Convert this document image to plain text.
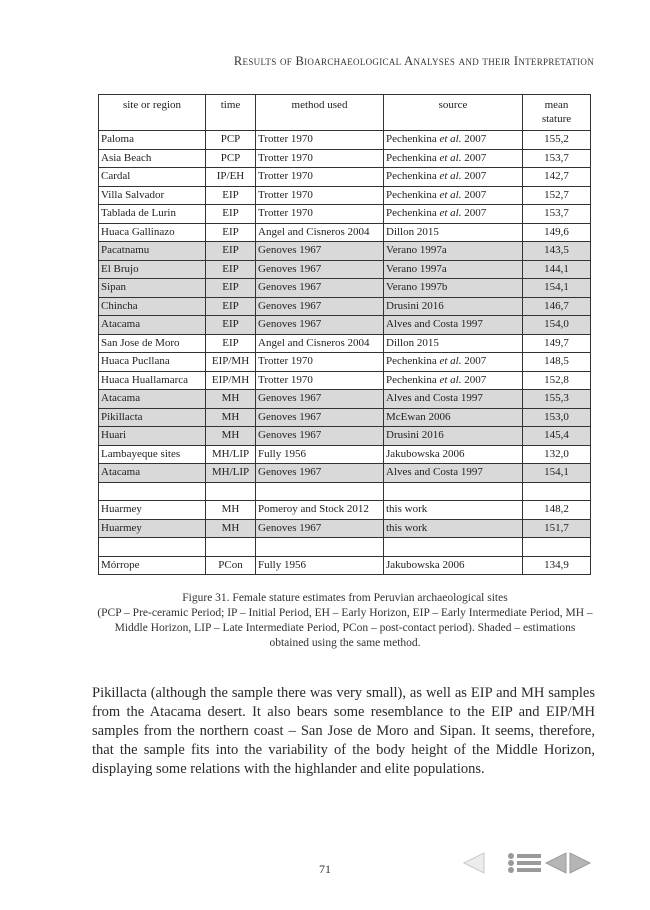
Results of Bioarchaeological Analyses and their Interpretation
site or region	time	method used	source	mean stature
Paloma	PCP	Trotter 1970	Pechenkina et al. 2007	155,2
Asia Beach	PCP	Trotter 1970	Pechenkina et al. 2007	153,7
Cardal	IP/EH	Trotter 1970	Pechenkina et al. 2007	142,7
Villa Salvador	EIP	Trotter 1970	Pechenkina et al. 2007	152,7
Tablada de Lurin	EIP	Trotter 1970	Pechenkina et al. 2007	153,7
Huaca Gallinazo	EIP	Angel and Cisneros 2004	Dillon 2015	149,6
Pacatnamu	EIP	Genoves 1967	Verano 1997a	143,5
El Brujo	EIP	Genoves 1967	Verano 1997a	144,1
Sipan	EIP	Genoves 1967	Verano 1997b	154,1
Chincha	EIP	Genoves 1967	Drusini 2016	146,7
Atacama	EIP	Genoves 1967	Alves and Costa 1997	154,0
San Jose de Moro	EIP	Angel and Cisneros 2004	Dillon 2015	149,7
Huaca Pucllana	EIP/MH	Trotter 1970	Pechenkina et al. 2007	148,5
Huaca Huallamarca	EIP/MH	Trotter 1970	Pechenkina et al. 2007	152,8
Atacama	MH	Genoves 1967	Alves and Costa 1997	155,3
Pikillacta	MH	Genoves 1967	McEwan 2006	153,0
Huari	MH	Genoves 1967	Drusini 2016	145,4
Lambayeque sites	MH/LIP	Fully 1956	Jakubowska 2006	132,0
Atacama	MH/LIP	Genoves 1967	Alves and Costa 1997	154,1

Huarmey	MH	Pomeroy and Stock 2012	this work	148,2
Huarmey	MH	Genoves 1967	this work	151,7

Mórrope	PCon	Fully 1956	Jakubowska 2006	134,9
Figure 31. Female stature estimates from Peruvian archaeological sites
(PCP – Pre-ceramic Period; IP – Initial Period, EH – Early Horizon, EIP – Early Intermediate Period, MH – Middle Horizon, LIP – Late Intermediate Period, PCon – post-contact period). Shaded – estimations obtained using the same method.
Pikillacta (although the sample there was very small), as well as EIP and MH samples from the Atacama desert. It also bears some resemblance to the EIP and EIP/MH samples from the northern coast – San Jose de Moro and Sipan. It seems, therefore, that the sample fits into the variability of the body height of the Middle Horizon, displaying some relations with the highlander and elite populations.
71
